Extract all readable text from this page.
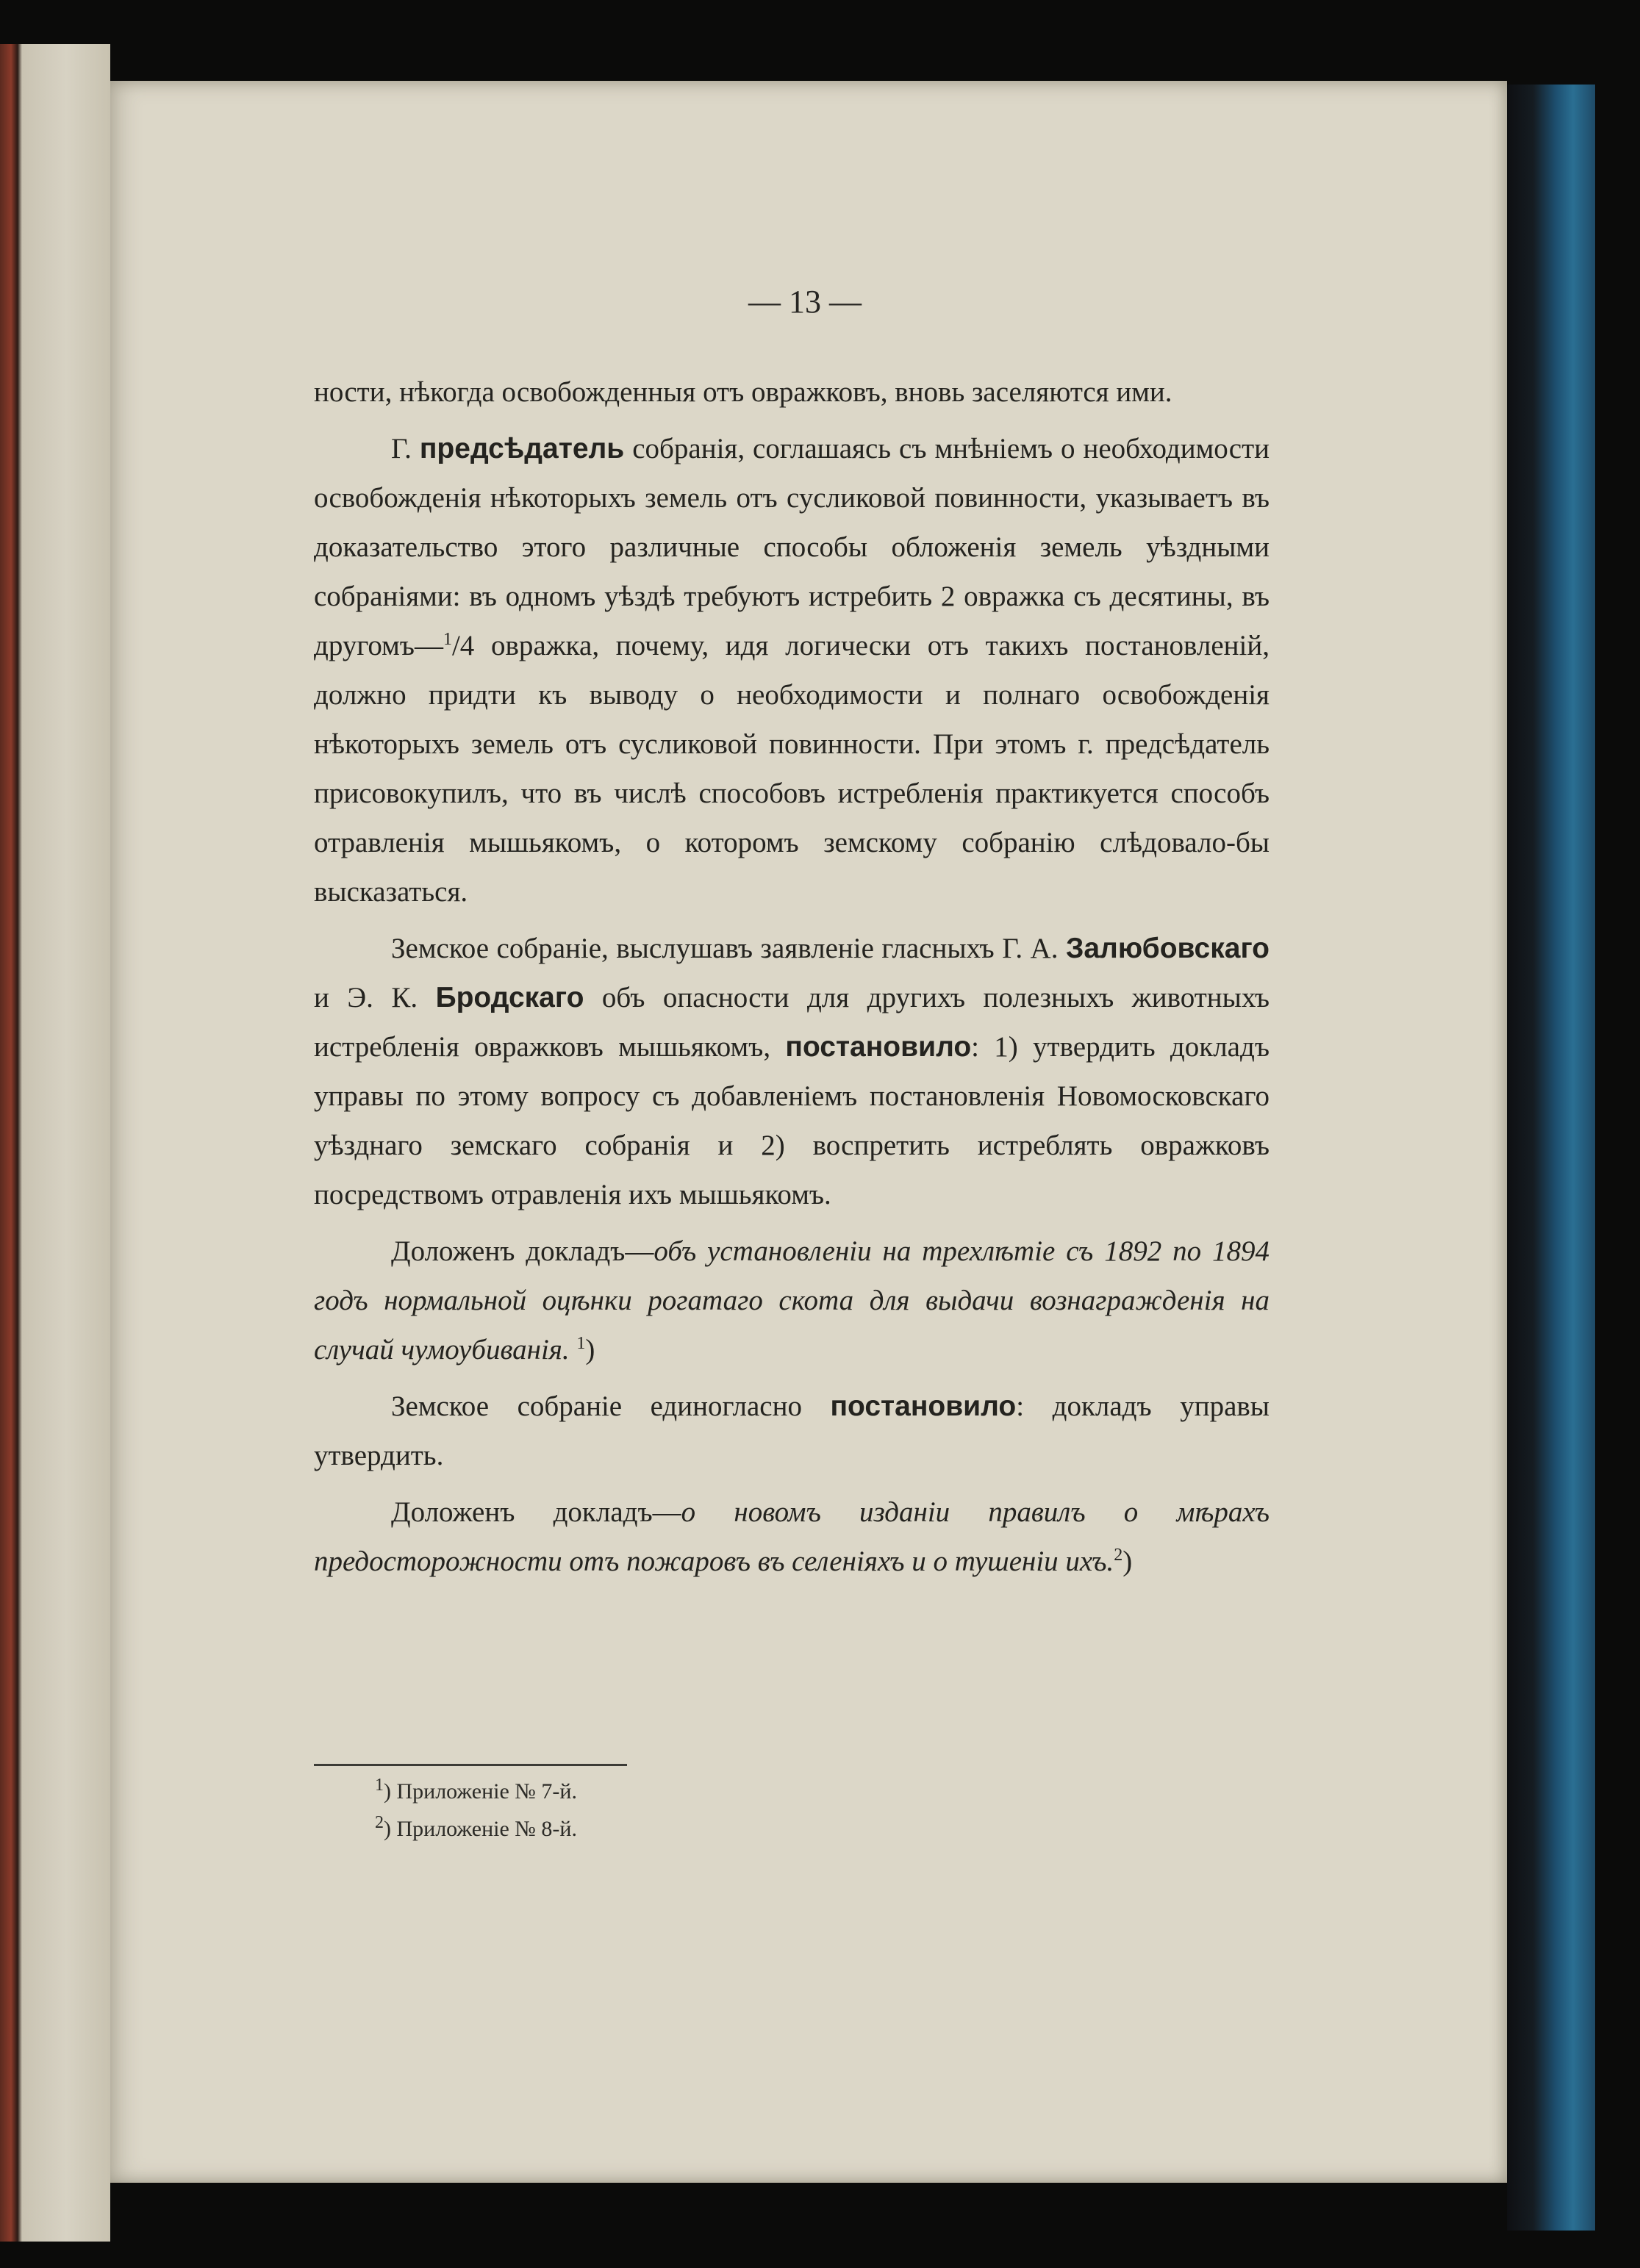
— 13 —

ности, нѣкогда освобожденныя отъ овражковъ, вновь заселяются ими.

Г. предсѣдатель собранія, соглашаясь съ мнѣніемъ о необходимости освобожденія нѣкоторыхъ земель отъ сусликовой повинности, указываетъ въ доказательство этого различные способы обложенія земель уѣздными собраніями: въ одномъ уѣздѣ требуютъ истребить 2 овражка съ десятины, въ другомъ—$^1$/4 овражка, почему, идя логически отъ такихъ постановленій, должно придти къ выводу о необходимости и полнаго освобожденія нѣкоторыхъ земель отъ сусликовой повинности. При этомъ г. предсѣдатель присовокупилъ, что въ числѣ способовъ истребленія практикуется способъ отравленія мышьякомъ, о которомъ земскому собранію слѣдовало-бы высказаться.

Земское собраніе, выслушавъ заявленіе гласныхъ Г. А. Залюбовскаго и Э. К. Бродскаго объ опасности для другихъ полезныхъ животныхъ истребленія овражковъ мышьякомъ, постановило: 1) утвердить докладъ управы по этому вопросу съ добавленіемъ постановленія Новомосковскаго уѣзднаго земскаго собранія и 2) воспретить истреблять овражковъ посредствомъ отравленія ихъ мышьякомъ.

Доложенъ докладъ—объ установленіи на трехлѣтіе съ 1892 по 1894 годъ нормальной оцѣнки рогатаго скота для выдачи вознагражденія на случай чумоубиванія. $^1$)

Земское собраніе единогласно постановило: докладъ управы утвердить.

Доложенъ докладъ—о новомъ изданіи правилъ о мѣрахъ предосторожности отъ пожаровъ въ селеніяхъ и о тушеніи ихъ.$^2$)

$^1$) Приложеніе № 7-й.
$^2$) Приложеніе № 8-й.
